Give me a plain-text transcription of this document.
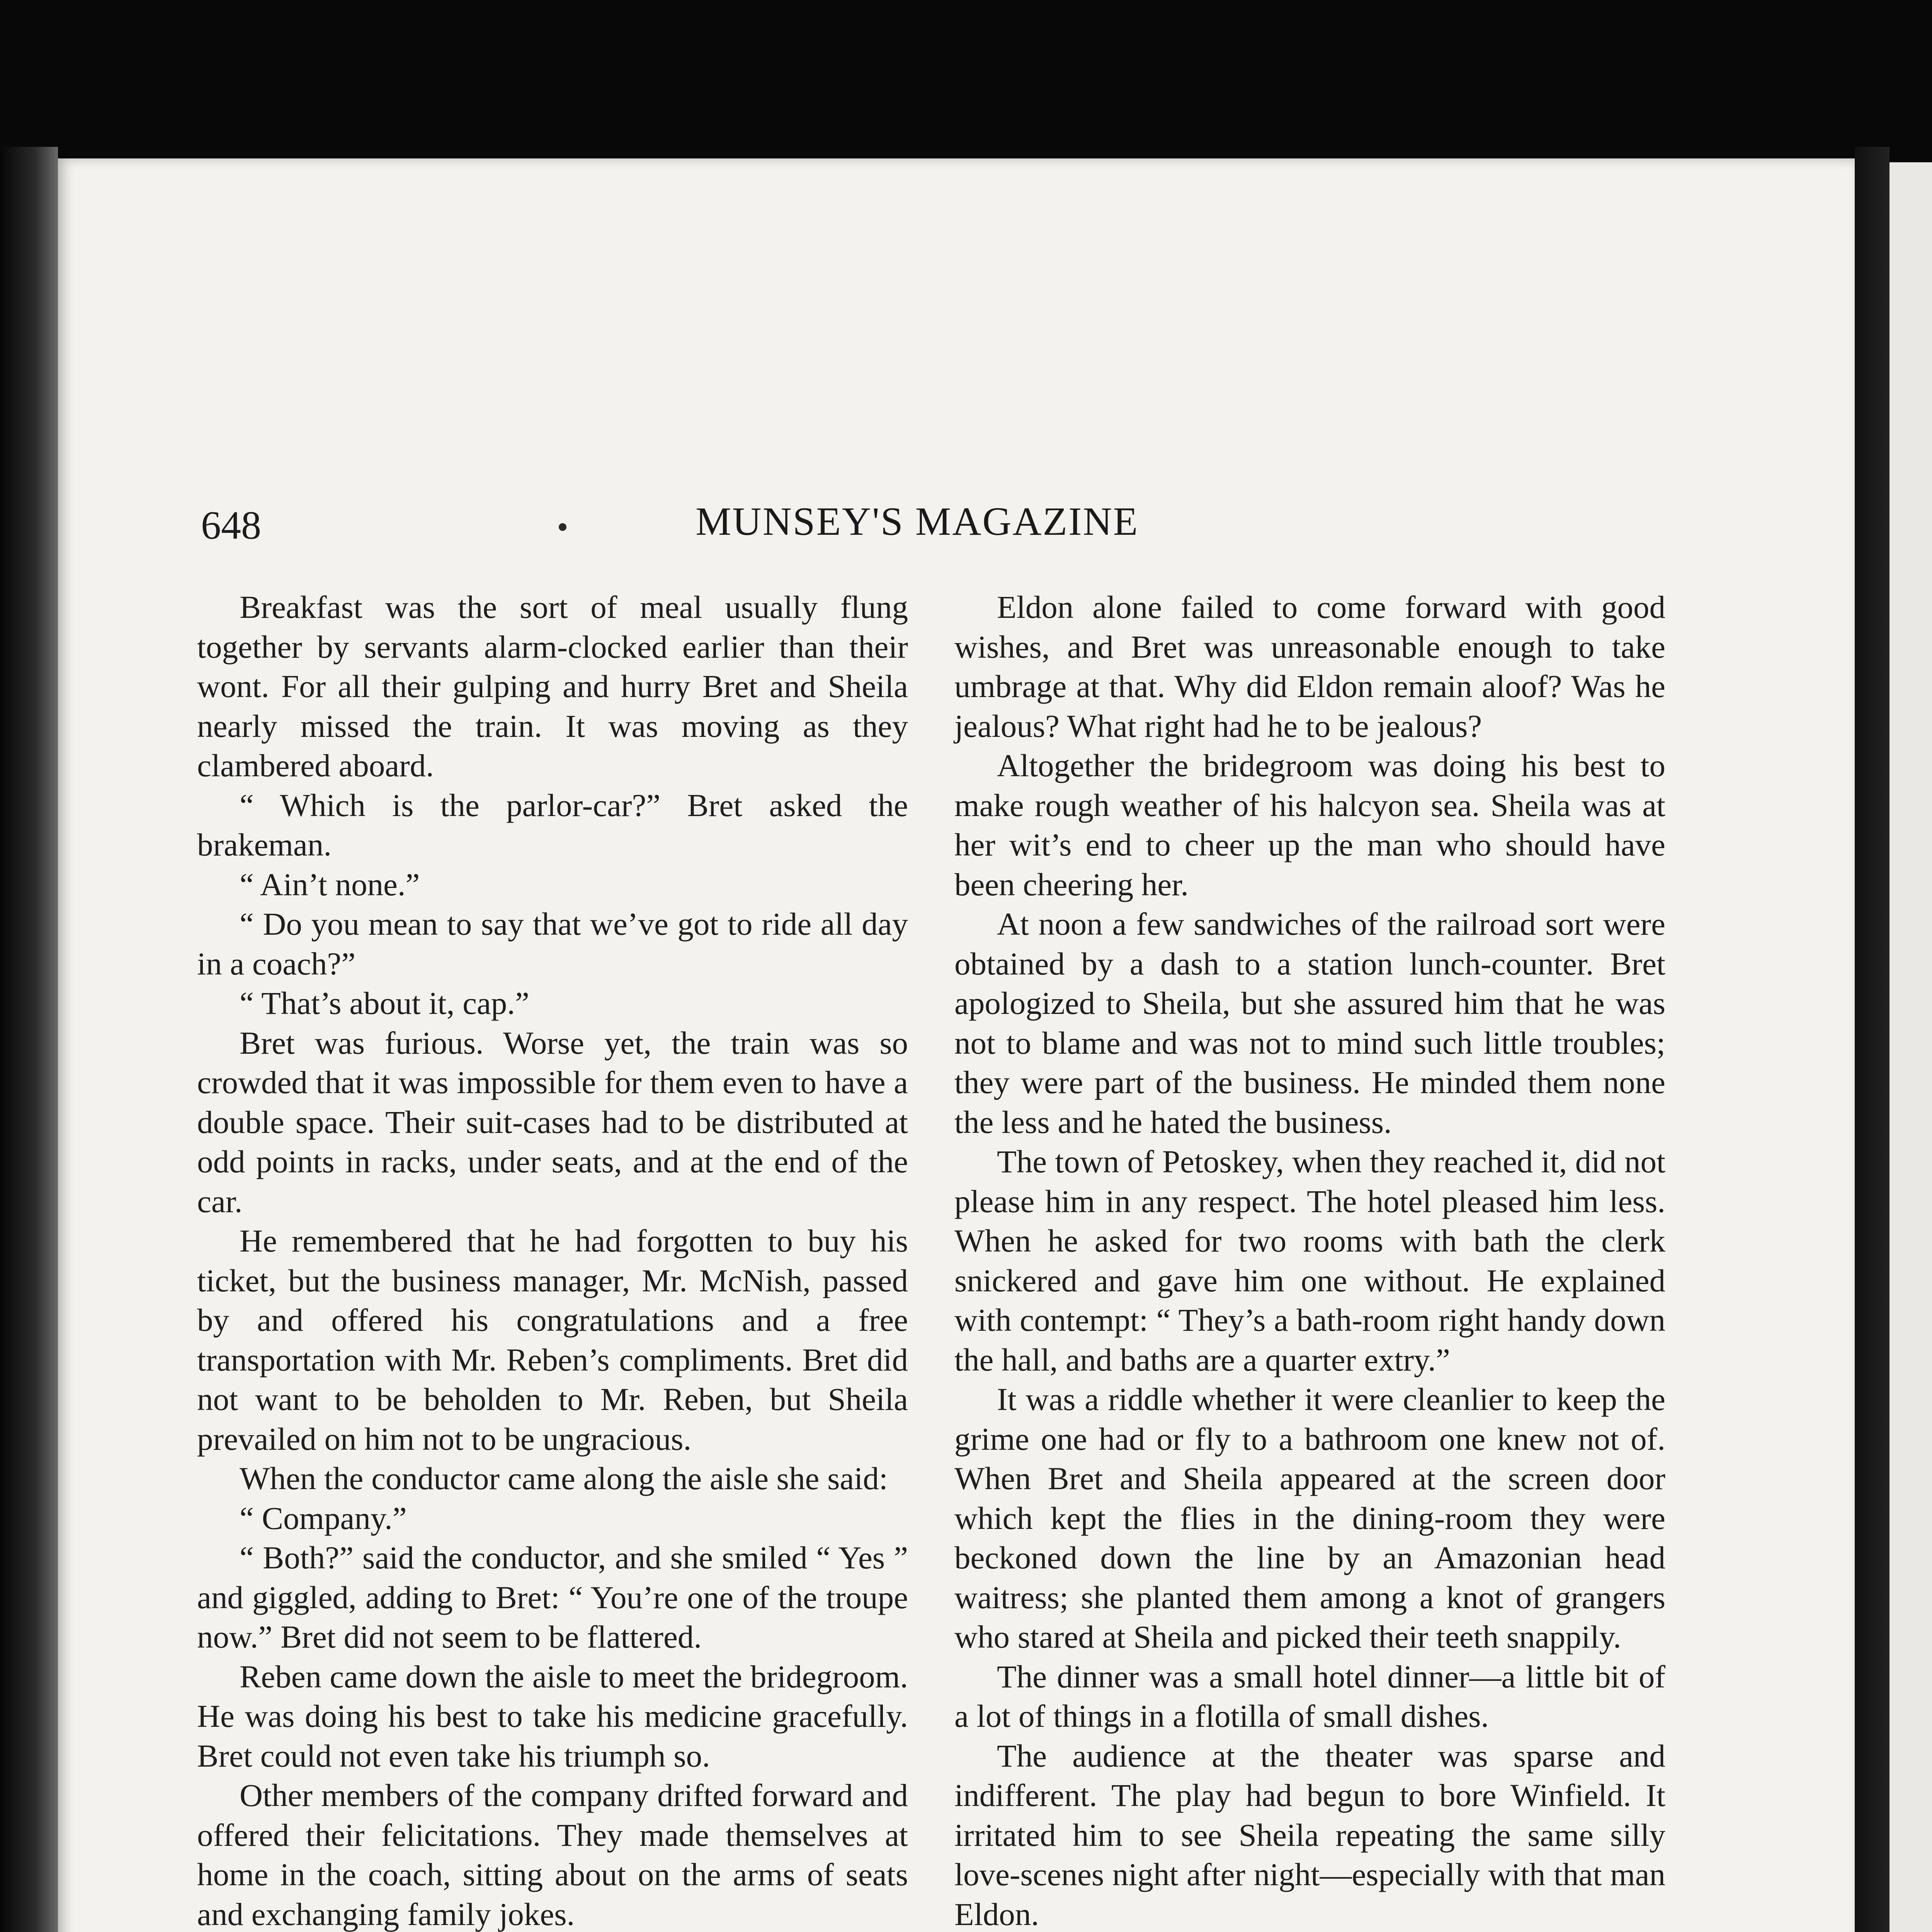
648	MUNSEY'S MAGAZINE

Breakfast was the sort of meal usually flung together by servants alarm-clocked earlier than their wont. For all their gulping and hurry Bret and Sheila nearly missed the train. It was moving as they clambered aboard.

“ Which is the parlor-car?” Bret asked the brakeman.

“ Ain’t none.”

“ Do you mean to say that we’ve got to ride all day in a coach?”

“ That’s about it, cap.”

Bret was furious. Worse yet, the train was so crowded that it was impossible for them even to have a double space. Their suit-cases had to be distributed at odd points in racks, under seats, and at the end of the car.

He remembered that he had forgotten to buy his ticket, but the business manager, Mr. McNish, passed by and offered his congratulations and a free transportation with Mr. Reben’s compliments. Bret did not want to be beholden to Mr. Reben, but Sheila prevailed on him not to be ungracious.

When the conductor came along the aisle she said:

“ Company.”

“ Both?” said the conductor, and she smiled “ Yes ” and giggled, adding to Bret: “ You’re one of the troupe now.” Bret did not seem to be flattered.

Reben came down the aisle to meet the bridegroom. He was doing his best to take his medicine gracefully. Bret could not even take his triumph so.

Other members of the company drifted forward and offered their felicitations. They made themselves at home in the coach, sitting about on the arms of seats and exchanging family jokes.

Eldon alone failed to come forward with good wishes, and Bret was unreasonable enough to take umbrage at that. Why did Eldon remain aloof? Was he jealous? What right had he to be jealous?

Altogether the bridegroom was doing his best to make rough weather of his halcyon sea. Sheila was at her wit’s end to cheer up the man who should have been cheering her.

At noon a few sandwiches of the railroad sort were obtained by a dash to a station lunch-counter. Bret apologized to Sheila, but she assured him that he was not to blame and was not to mind such little troubles; they were part of the business. He minded them none the less and he hated the business.

The town of Petoskey, when they reached it, did not please him in any respect. The hotel pleased him less. When he asked for two rooms with bath the clerk snickered and gave him one without. He explained with contempt: “ They’s a bath-room right handy down the hall, and baths are a quarter extry.”

It was a riddle whether it were cleanlier to keep the grime one had or fly to a bathroom one knew not of. When Bret and Sheila appeared at the screen door which kept the flies in the dining-room they were beckoned down the line by an Amazonian head waitress; she planted them among a knot of grangers who stared at Sheila and picked their teeth snappily.

The dinner was a small hotel dinner—a little bit of a lot of things in a flotilla of small dishes.

The audience at the theater was sparse and indifferent. The play had begun to bore Winfield. It irritated him to see Sheila repeating the same silly love-scenes night after night—especially with that man Eldon.
